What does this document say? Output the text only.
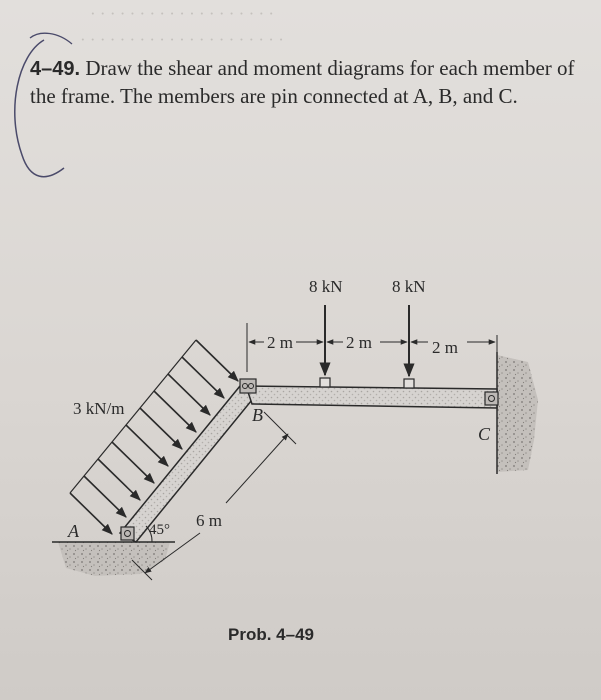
· · · · · · · · · · · · · · · · · · ·
· · · · · · · · · · · · · · · · · · · · ·
4–49. Draw the shear and moment diagrams for each member of the frame. The members are pin connected at A, B, and C.
8 kN	8 kN
2 m	2 m	2 m
3 kN/m
6 m
45°
A
B
C
Prob. 4–49
